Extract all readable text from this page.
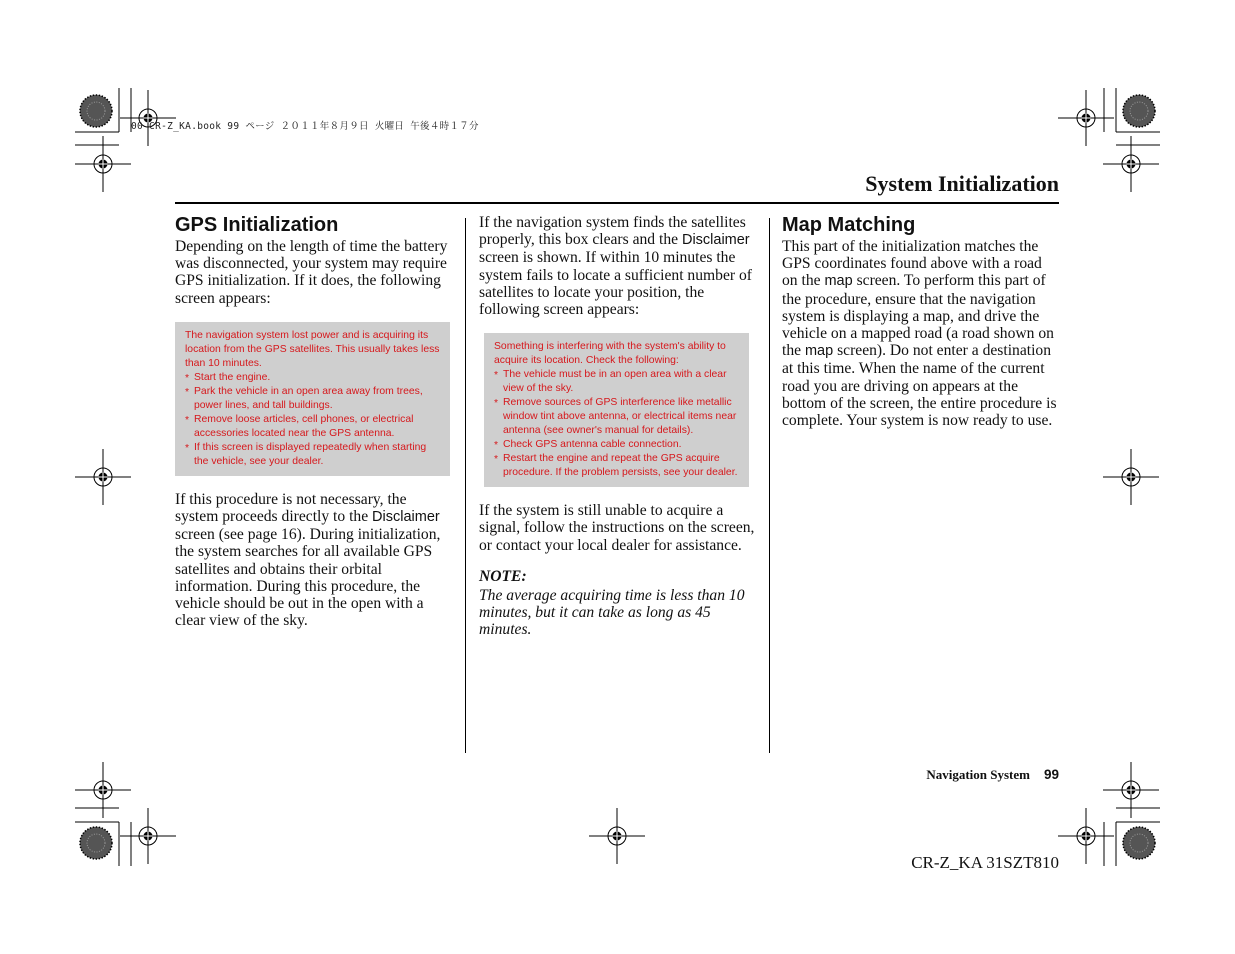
00 CR-Z_KA.book 99 ページ ２０１１年８月９日 火曜日 午後４時１７分
System Initialization
GPS Initialization

Depending on the length of time the battery was disconnected, your system may require GPS initialization. If it does, the following screen appears:

The navigation system lost power and is acquiring its location from the GPS satellites. This usually takes less than 10 minutes.
* Start the engine.
* Park the vehicle in an open area away from trees, power lines, and tall buildings.
* Remove loose articles, cell phones, or electrical accessories located near the GPS antenna.
* If this screen is displayed repeatedly when starting the vehicle, see your dealer.

If this procedure is not necessary, the system proceeds directly to the Disclaimer screen (see page 16). During initialization, the system searches for all available GPS satellites and obtains their orbital information. During this procedure, the vehicle should be out in the open with a clear view of the sky.

If the navigation system finds the satellites properly, this box clears and the Disclaimer screen is shown. If within 10 minutes the system fails to locate a sufficient number of satellites to locate your position, the following screen appears:

Something is interfering with the system's ability to acquire its location. Check the following:
* The vehicle must be in an open area with a clear view of the sky.
* Remove sources of GPS interference like metallic window tint above antenna, or electrical items near antenna (see owner's manual for details).
* Check GPS antenna cable connection.
* Restart the engine and repeat the GPS acquire procedure. If the problem persists, see your dealer.

If the system is still unable to acquire a signal, follow the instructions on the screen, or contact your local dealer for assistance.

NOTE:
The average acquiring time is less than 10 minutes, but it can take as long as 45 minutes.
Map Matching

This part of the initialization matches the GPS coordinates found above with a road on the map screen. To perform this part of the procedure, ensure that the navigation system is displaying a map, and drive the vehicle on a mapped road (a road shown on the map screen). Do not enter a destination at this time. When the name of the current road you are driving on appears at the bottom of the screen, the entire procedure is complete. Your system is now ready to use.

Navigation System 99
CR-Z_KA 31SZT810
